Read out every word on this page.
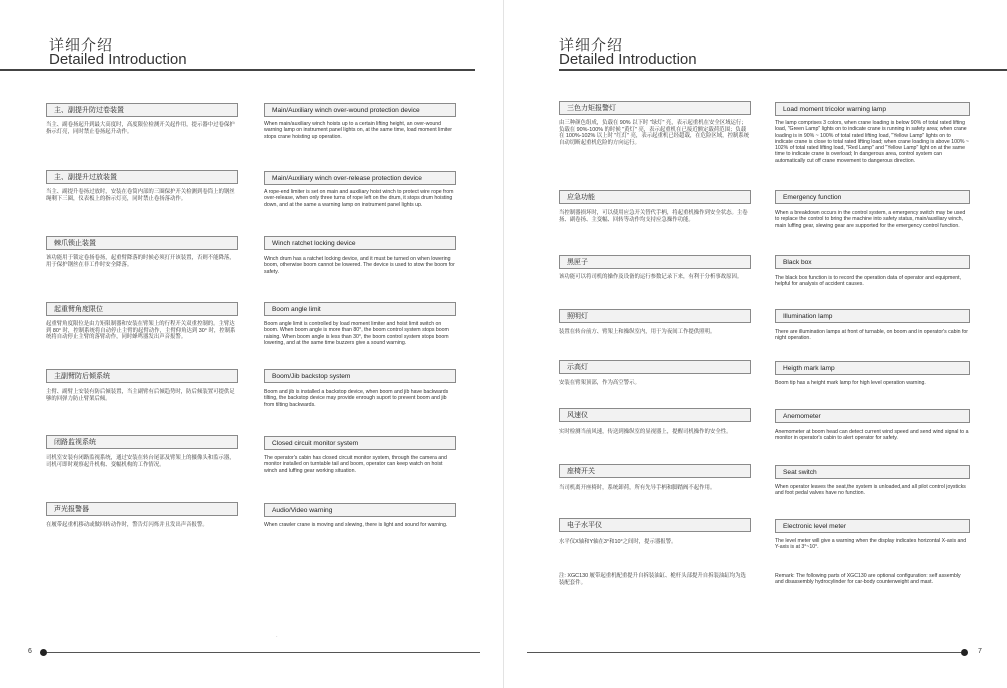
详细介绍
Detailed Introduction
主、副提升防过卷装置
当主、副卷扬起升到最大高度时，高度限位检测开关起作用，提示器中过卷保护指示灯亮，同时禁止卷扬起升动作。
Main/Auxiliary winch over-wound protection device
When main/auxiliary winch hoists up to a certain lifting height, an over-wound warning lamp on instrument panel lights on, at the same time, load moment limiter stops crane hoisting up operation.
主、副提升过放装置
当主、副提升卷扬过放时，安装在卷筒内部的三圈保护开关检测到卷筒上的钢丝绳剩下三圈，仪表板上的指示灯亮，同时禁止卷扬落动作。
Main/Auxiliary winch over-release protection device
A rope-end limiter is set on main and auxiliary hoist winch to protect wire rope from over-release, when only three turns of rope left on the drum, it stops drum hoisting down, and at the same a warning lamp on instrument panel lights up.
棘爪锁止装置
该功能用于锁定卷扬卷扬，起重臂降落的时候必须打开该装置，否则不能降落，用于保护钢丝在非工作时安全降落。
Winch ratchet locking device
Winch drum has a ratchet locking device, and it must be turned on when lowering boom, otherwise boom cannot be lowered. The device is used to stow the boom for safety.
起重臂角度限位
起重臂角度限位是由力矩限制器和安装在臂架上的行程开关双重控制的。主臂达到 80° 时，控制系统将自动停止主臂的起臂动作，主臂仰角达到 30° 时，控制系统将自动停止主臂的落臂动作，同时蜂鸣器发出声音报警。
Boom angle limit
Boom angle limit is controlled by load moment limiter and hoist limit switch on boom. When boom angle is more than 80°, the boom control system stops boom raising. When boom angle is less than 30°, the boom control system stops boom lowering, and at the same time buzzers give a sound warning.
主副臂防后倾系统
主臂、副臂上安装有防后倾装置，当主副臂有后倾趋势时，防后倾装置可提供足够的回弹力防止臂架后倾。
Boom/Jib backstop system
Boom and jib is installed a backstop device, when boom and jib have backwards tilting, the backstop device may provide enrough suport to prevent boom and jib from tilting backwards.
闭路监视系统
司机室安装有闭路监视系统，通过安装在转台尾部及臂架上的摄像头和监示器，司机可即时观察起升机构、变幅机构的工作情况。
Closed circuit monitor system
The operator's cabin has closed circuit monitor system, through the camera and monitor installed on turntable tail and boom, operator can keep watch on hoist winch and luffing gear working situation.
声光报警器
在履带起重机移动或做回转动作时，警告灯闪烁并且发出声音报警。
Audio/Video warning
When crawler crane is moving and slewing, there is light and sound for warning.
·
6
详细介绍
Detailed Introduction
三色力矩报警灯
由三种颜色组成，负载在 90% 以下时 "绿灯" 亮，表示起重机在安全区域运行；负载在 90%-100% 的时候 "黄灯" 亮，表示起重机在已接近额定载荷范围；负载在 100%-102% 以上时 "红灯" 亮，表示起重机已经超载，在危险区域，控制系统自动切断起重机危险的方向运行。
Load moment tricolor warning lamp
The lamp comprises 3 colors, when crane loading is below 90% of total rated lifting load, "Green Lamp" lights on to indicate crane is running in safety area; when crane loading is in 90% ~ 100% of total rated lifting load, "Yellow Lamp" lights on to indicate crane is close to total rated lifting load; when crane loading is above 100% ~ 102% of total rated lifting load, "Red Lamp" and "Yellow Lamp" light on at the same time to indicate crane is overload; In dangerous area, control system can automatically cut off crane movement to dangerous direction.
应急功能
当控制器损坏时，可以使用应急开关替代手柄，将起重机操作到安全状态。主卷扬、副卷扬、主变幅、回转等动作均支持应急操作功能。
Emergency function
When a breakdown occurs in the control system, a emergency switch may be used to replace the control to bring the machine into safety status, main/auxiliary winch, main luffing gear, slewing gear are supported for the emergency control function.
黑匣子
该功能可以将司机的操作及设备的运行参数记录下来，有利于分析事故原因。
Black box
The black box function is to record the operation data of operator and equipment, helpful for analysis of accident causes.
照明灯
装置在转台前方、臂架上和操纵室内，用于为夜间工作提供照明。
Illumination lamp
There are illumination lamps at front of turnable, on boom and in operator's cabin for night operation.
示高灯
安装在臂架顶部，作为高空警示。
Heigth mark lamp
Boom tip has a height mark lamp for high level operation warning.
风速仪
实时检测当前风速，传送到操纵室的显视器上，提醒司机操作的安全性。
Anemometer
Anemometer at boom head can detect current wind speed and send wind signal to a monitor in operator's cabin to alert operator for safety.
座椅开关
当司机离开座椅时，系统卸荷，所有先导手柄和脚踏阀不起作用。
Seat switch
When operator leaves the seat,the system is unloaded,and all pilot control joysticks and foot pedal valves have no function.
电子水平仪
水平仪X轴和Y轴在3°和10°之间时，提示器报警。
Electronic level meter
The level meter will give a warning when the display indicates horizontal X-axis and Y-axis is at 3°~10°.
注: XGC130 履带起重机配重提升自拆装油缸、桅杆头部提升自拆装油缸均为选装配套件。
Remark: The following parts of XGC130 are optional configuration: self assembly and disassembly hydrocylinder for car-body counterweight and mast.
7
